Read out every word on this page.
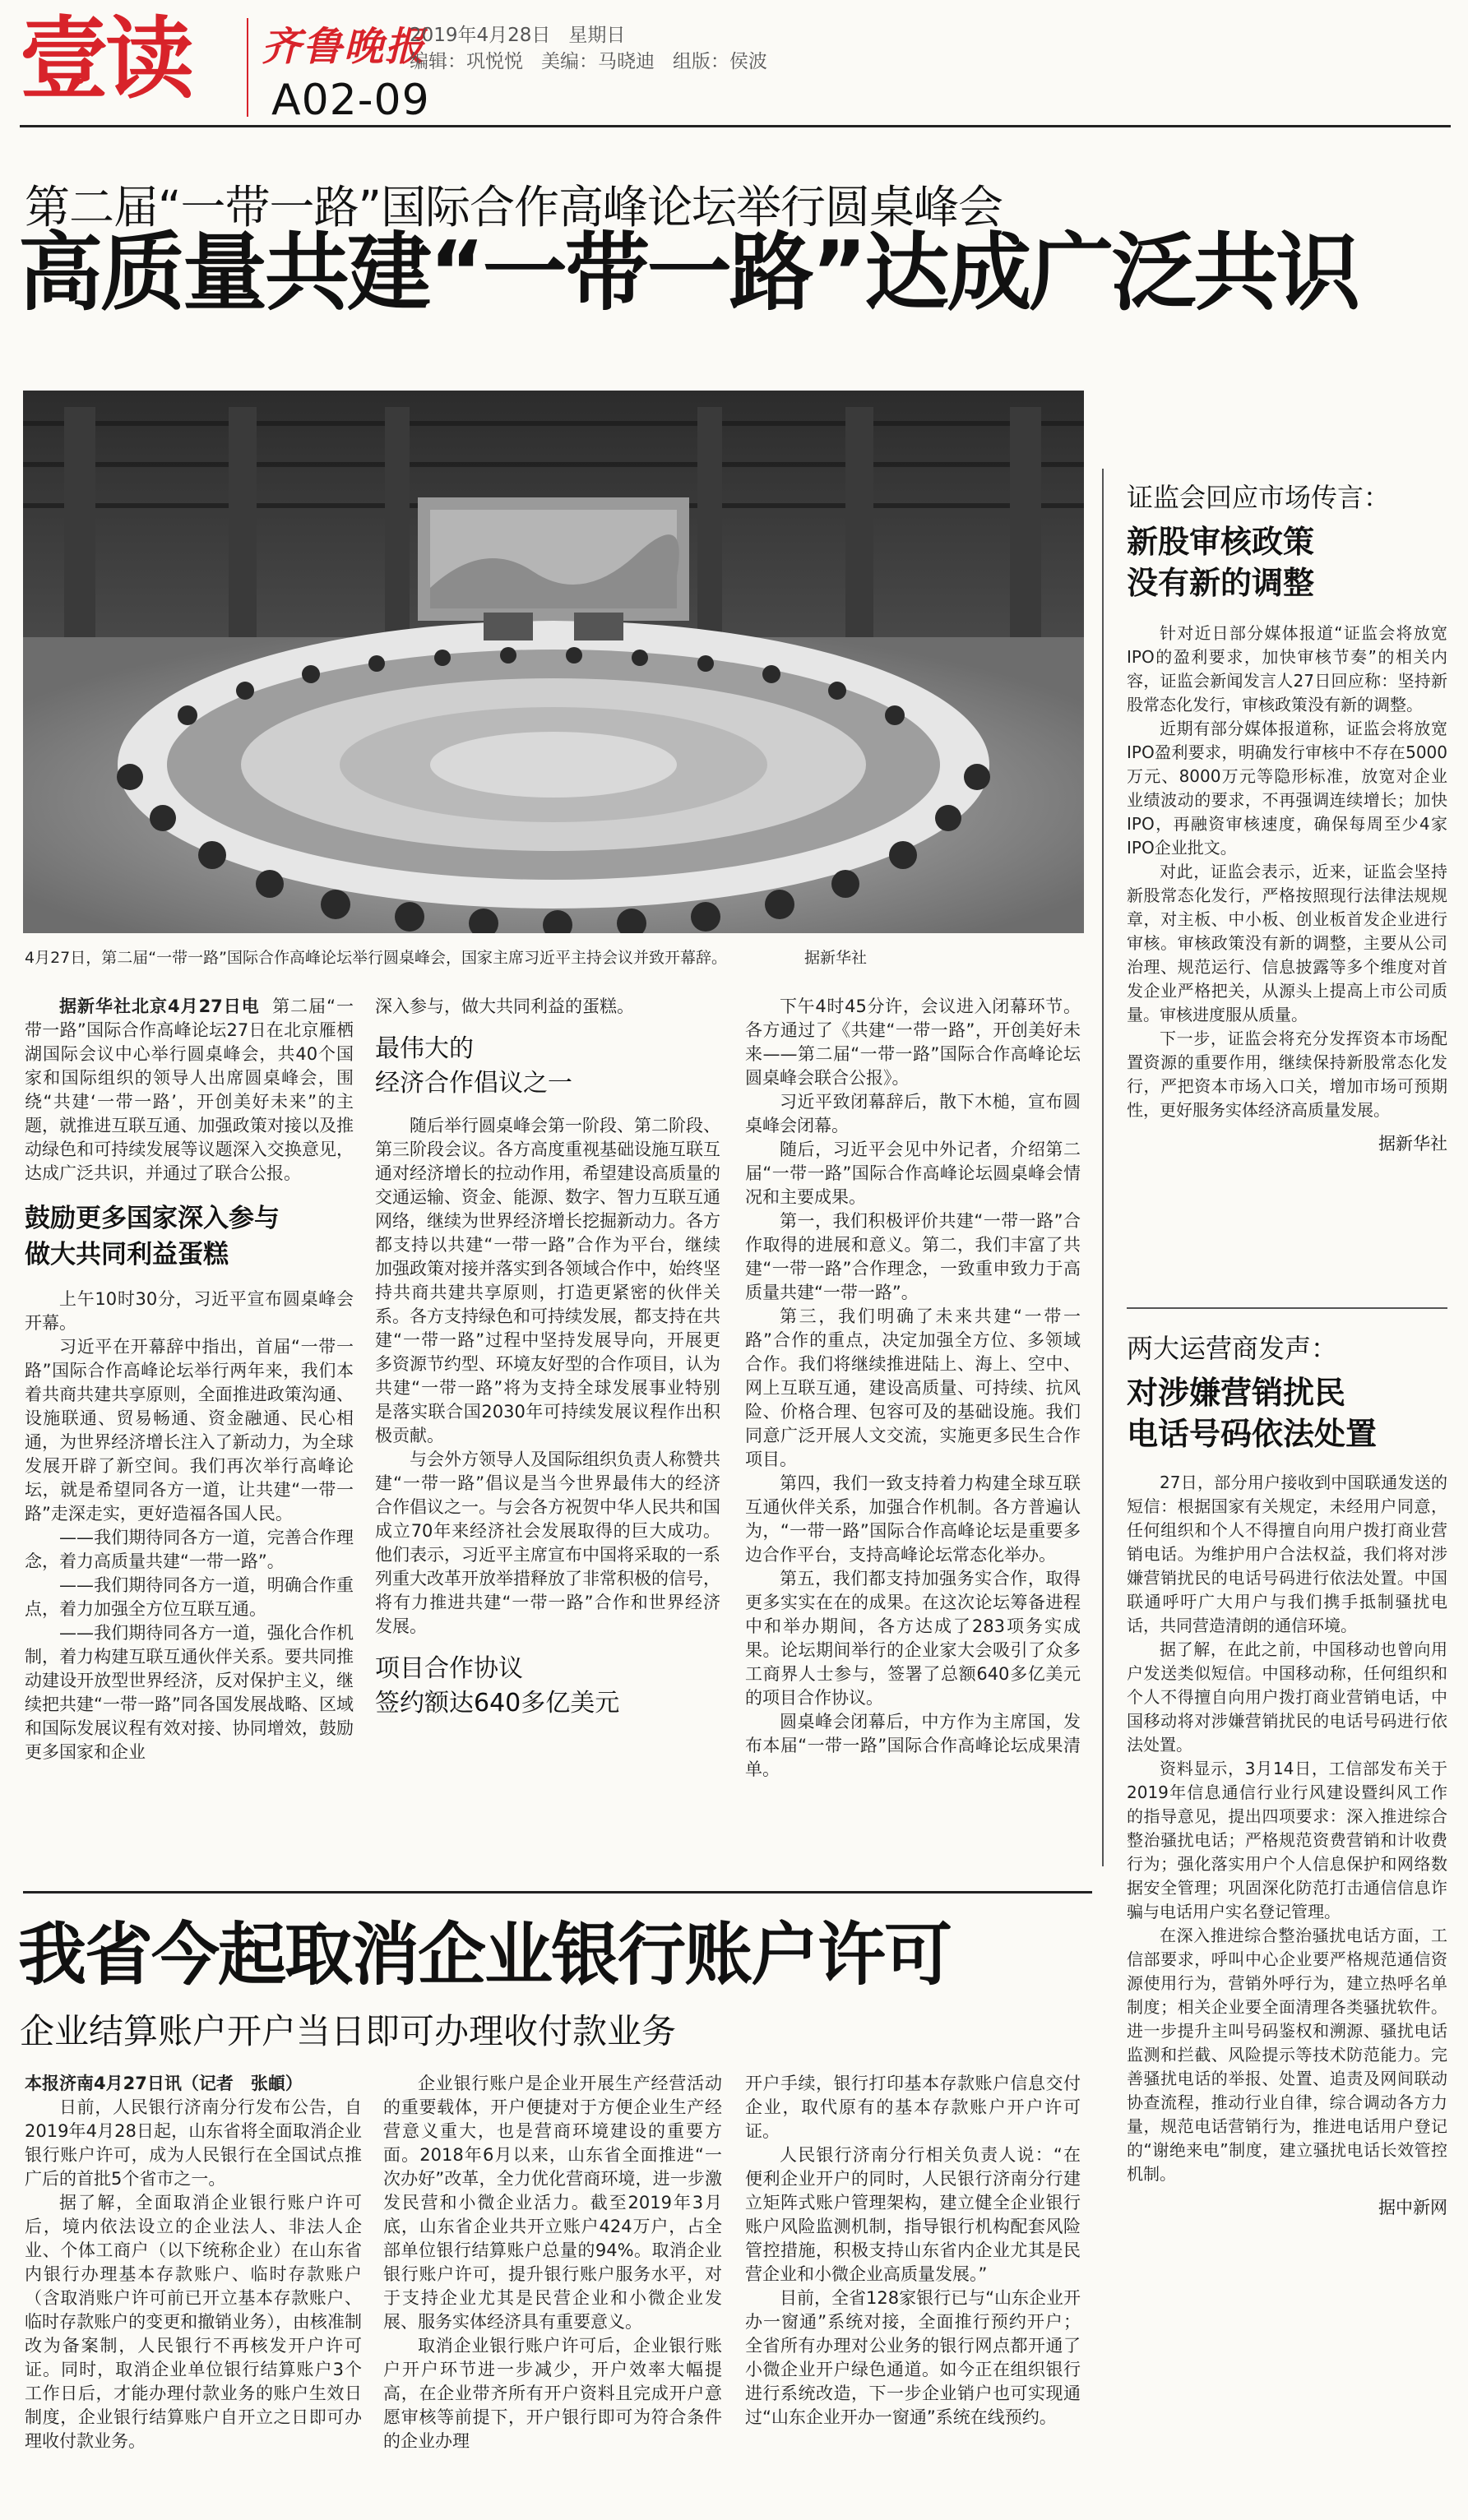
壹读 齐鲁晚报
2019年4月28日 星期日
编辑：巩悦悦 美编：马晓迪 组版：侯波
A02-09
第二届“一带一路”国际合作高峰论坛举行圆桌峰会
高质量共建“一带一路”达成广泛共识
4月27日，第二届“一带一路”国际合作高峰论坛举行圆桌峰会，国家主席习近平主持会议并致开幕辞。	据新华社

据新华社北京4月27日电 第二届“一带一路”国际合作高峰论坛27日在北京雁栖湖国际会议中心举行圆桌峰会，共40个国家和国际组织的领导人出席圆桌峰会，围绕“共建‘一带一路’，开创美好未来”的主题，就推进互联互通、加强政策对接以及推动绿色和可持续发展等议题深入交换意见，达成广泛共识，并通过了联合公报。

鼓励更多国家深入参与
做大共同利益蛋糕

上午10时30分，习近平宣布圆桌峰会开幕。

习近平在开幕辞中指出，首届“一带一路”国际合作高峰论坛举行两年来，我们本着共商共建共享原则，全面推进政策沟通、设施联通、贸易畅通、资金融通、民心相通，为世界经济增长注入了新动力，为全球发展开辟了新空间。我们再次举行高峰论坛，就是希望同各方一道，让共建“一带一路”走深走实，更好造福各国人民。

——我们期待同各方一道，完善合作理念，着力高质量共建“一带一路”。

——我们期待同各方一道，明确合作重点，着力加强全方位互联互通。

——我们期待同各方一道，强化合作机制，着力构建互联互通伙伴关系。要共同推动建设开放型世界经济，反对保护主义，继续把共建“一带一路”同各国发展战略、区域和国际发展议程有效对接、协同增效，鼓励更多国家和企业

深入参与，做大共同利益的蛋糕。

最伟大的
经济合作倡议之一

随后举行圆桌峰会第一阶段、第二阶段、第三阶段会议。各方高度重视基础设施互联互通对经济增长的拉动作用，希望建设高质量的交通运输、资金、能源、数字、智力互联互通网络，继续为世界经济增长挖掘新动力。各方都支持以共建“一带一路”合作为平台，继续加强政策对接并落实到各领域合作中，始终坚持共商共建共享原则，打造更紧密的伙伴关系。各方支持绿色和可持续发展，都支持在共建“一带一路”过程中坚持发展导向，开展更多资源节约型、环境友好型的合作项目，认为共建“一带一路”将为支持全球发展事业特别是落实联合国2030年可持续发展议程作出积极贡献。

与会外方领导人及国际组织负责人称赞共建“一带一路”倡议是当今世界最伟大的经济合作倡议之一。与会各方祝贺中华人民共和国成立70年来经济社会发展取得的巨大成功。他们表示，习近平主席宣布中国将采取的一系列重大改革开放举措释放了非常积极的信号，将有力推进共建“一带一路”合作和世界经济发展。

项目合作协议
签约额达640多亿美元

下午4时45分许，会议进入闭幕环节。各方通过了《共建“一带一路”，开创美好未来——第二届“一带一路”国际合作高峰论坛圆桌峰会联合公报》。

习近平致闭幕辞后，散下木槌，宣布圆桌峰会闭幕。

随后，习近平会见中外记者，介绍第二届“一带一路”国际合作高峰论坛圆桌峰会情况和主要成果。

第一，我们积极评价共建“一带一路”合作取得的进展和意义。第二，我们丰富了共建“一带一路”合作理念，一致重申致力于高质量共建“一带一路”。

第三，我们明确了未来共建“一带一路”合作的重点，决定加强全方位、多领域合作。我们将继续推进陆上、海上、空中、网上互联互通，建设高质量、可持续、抗风险、价格合理、包容可及的基础设施。我们同意广泛开展人文交流，实施更多民生合作项目。

第四，我们一致支持着力构建全球互联互通伙伴关系，加强合作机制。各方普遍认为，“一带一路”国际合作高峰论坛是重要多边合作平台，支持高峰论坛常态化举办。

第五，我们都支持加强务实合作，取得更多实实在在的成果。在这次论坛筹备进程中和举办期间，各方达成了283项务实成果。论坛期间举行的企业家大会吸引了众多工商界人士参与，签署了总额640多亿美元的项目合作协议。

圆桌峰会闭幕后，中方作为主席国，发布本届“一带一路”国际合作高峰论坛成果清单。

证监会回应市场传言：
新股审核政策
没有新的调整

针对近日部分媒体报道“证监会将放宽IPO的盈利要求，加快审核节奏”的相关内容，证监会新闻发言人27日回应称：坚持新股常态化发行，审核政策没有新的调整。

近期有部分媒体报道称，证监会将放宽IPO盈利要求，明确发行审核中不存在5000万元、8000万元等隐形标准，放宽对企业业绩波动的要求，不再强调连续增长；加快IPO，再融资审核速度，确保每周至少4家IPO企业批文。

对此，证监会表示，近来，证监会坚持新股常态化发行，严格按照现行法律法规规章，对主板、中小板、创业板首发企业进行审核。审核政策没有新的调整，主要从公司治理、规范运行、信息披露等多个维度对首发企业严格把关，从源头上提高上市公司质量。审核进度服从质量。

下一步，证监会将充分发挥资本市场配置资源的重要作用，继续保持新股常态化发行，严把资本市场入口关，增加市场可预期性，更好服务实体经济高质量发展。

据新华社
两大运营商发声：
对涉嫌营销扰民
电话号码依法处置

27日，部分用户接收到中国联通发送的短信：根据国家有关规定，未经用户同意，任何组织和个人不得擅自向用户拨打商业营销电话。为维护用户合法权益，我们将对涉嫌营销扰民的电话号码进行依法处置。中国联通呼吁广大用户与我们携手抵制骚扰电话，共同营造清朗的通信环境。

据了解，在此之前，中国移动也曾向用户发送类似短信。中国移动称，任何组织和个人不得擅自向用户拨打商业营销电话，中国移动将对涉嫌营销扰民的电话号码进行依法处置。

资料显示，3月14日，工信部发布关于2019年信息通信行业行风建设暨纠风工作的指导意见，提出四项要求：深入推进综合整治骚扰电话；严格规范资费营销和计收费行为；强化落实用户个人信息保护和网络数据安全管理；巩固深化防范打击通信信息诈骗与电话用户实名登记管理。

在深入推进综合整治骚扰电话方面，工信部要求，呼叫中心企业要严格规范通信资源使用行为，营销外呼行为，建立热呼名单制度；相关企业要全面清理各类骚扰软件。进一步提升主叫号码鉴权和溯源、骚扰电话监测和拦截、风险提示等技术防范能力。完善骚扰电话的举报、处置、追责及网间联动协查流程，推动行业自律，综合调动各方力量，规范电话营销行为，推进电话用户登记的“谢绝来电”制度，建立骚扰电话长效管控机制。

据中新网
我省今起取消企业银行账户许可
企业结算账户开户当日即可办理收付款业务

本报济南4月27日讯（记者　张頔）

日前，人民银行济南分行发布公告，自2019年4月28日起，山东省将全面取消企业银行账户许可，成为人民银行在全国试点推广后的首批5个省市之一。

据了解，全面取消企业银行账户许可后，境内依法设立的企业法人、非法人企业、个体工商户（以下统称企业）在山东省内银行办理基本存款账户、临时存款账户（含取消账户许可前已开立基本存款账户、临时存款账户的变更和撤销业务），由核准制改为备案制，人民银行不再核发开户许可证。同时，取消企业单位银行结算账户3个工作日后，才能办理付款业务的账户生效日制度，企业银行结算账户自开立之日即可办理收付款业务。

企业银行账户是企业开展生产经营活动的重要载体，开户便捷对于方便企业生产经营意义重大，也是营商环境建设的重要方面。2018年6月以来，山东省全面推进“一次办好”改革，全力优化营商环境，进一步激发民营和小微企业活力。截至2019年3月底，山东省企业共开立账户424万户，占全部单位银行结算账户总量的94%。取消企业银行账户许可，提升银行账户服务水平，对于支持企业尤其是民营企业和小微企业发展、服务实体经济具有重要意义。

取消企业银行账户许可后，企业银行账户开户环节进一步减少，开户效率大幅提高，在企业带齐所有开户资料且完成开户意愿审核等前提下，开户银行即可为符合条件的企业办理

开户手续，银行打印基本存款账户信息交付企业，取代原有的基本存款账户开户许可证。

人民银行济南分行相关负责人说：“在便利企业开户的同时，人民银行济南分行建立矩阵式账户管理架构，建立健全企业银行账户风险监测机制，指导银行机构配套风险管控措施，积极支持山东省内企业尤其是民营企业和小微企业高质量发展。”

目前，全省128家银行已与“山东企业开办一窗通”系统对接，全面推行预约开户；全省所有办理对公业务的银行网点都开通了小微企业开户绿色通道。如今正在组织银行进行系统改造，下一步企业销户也可实现通过“山东企业开办一窗通”系统在线预约。
